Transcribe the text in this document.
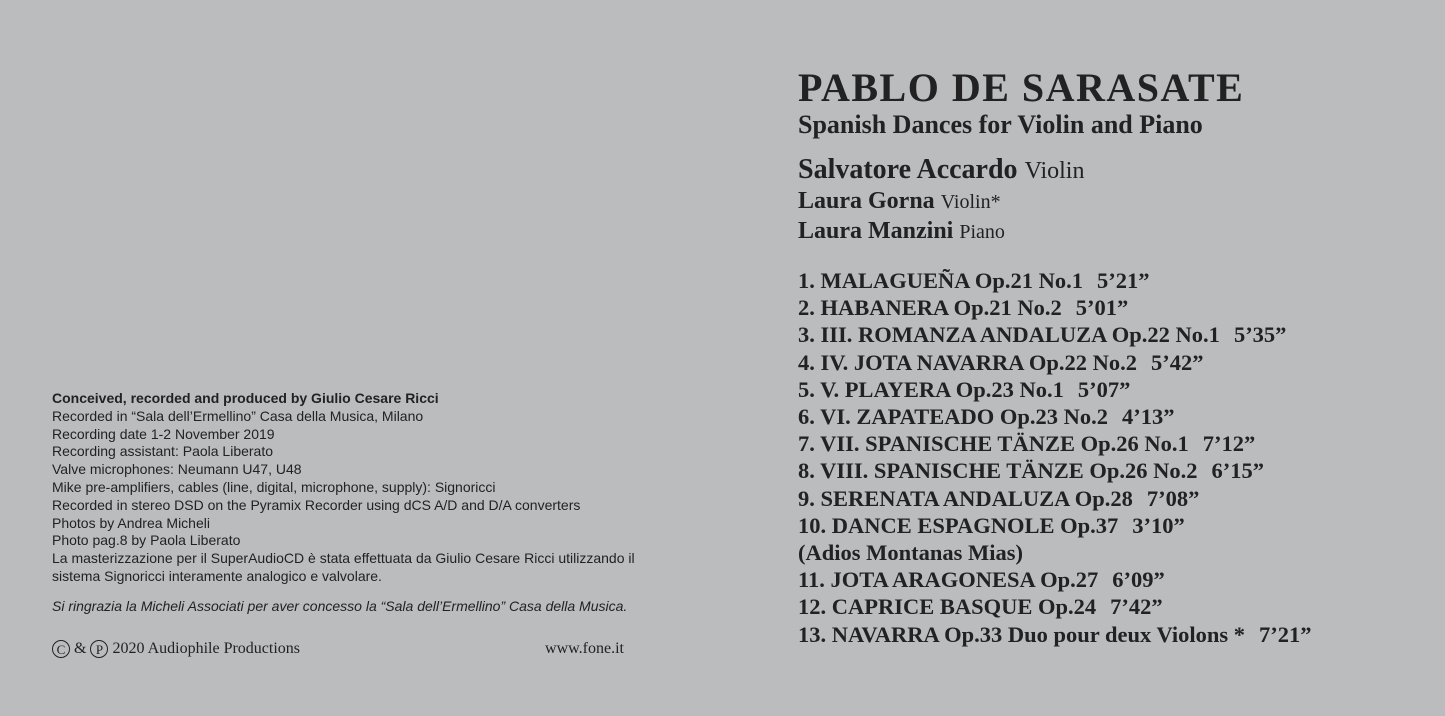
Conceived, recorded and produced by Giulio Cesare Ricci
Recorded in “Sala dell’Ermellino” Casa della Musica, Milano
Recording date 1-2 November 2019
Recording assistant: Paola Liberato
Valve microphones: Neumann U47, U48
Mike pre-amplifiers, cables (line, digital, microphone, supply): Signoricci
Recorded in stereo DSD on the Pyramix Recorder using dCS A/D and D/A converters
Photos by Andrea Micheli
Photo pag.8 by Paola Liberato
La masterizzazione per il SuperAudioCD è stata effettuata da Giulio Cesare Ricci utilizzando il sistema Signoricci interamente analogico e valvolare.
Si ringrazia la Micheli Associati per aver concesso la “Sala dell’Ermellino” Casa della Musica.
C & P 2020 Audiophile Productions	www.fone.it
PABLO DE SARASATE
Spanish Dances for Violin and Piano
Salvatore Accardo Violin
Laura Gorna Violin*
Laura Manzini Piano
1. MALAGUEÑA Op.21 No.1 5’21”
2. HABANERA Op.21 No.2 5’01”
3. III. ROMANZA ANDALUZA Op.22 No.1 5’35”
4. IV. JOTA NAVARRA Op.22 No.2 5’42”
5. V. PLAYERA Op.23 No.1 5’07”
6. VI. ZAPATEADO Op.23 No.2 4’13”
7. VII. SPANISCHE TÄNZE Op.26 No.1 7’12”
8. VIII. SPANISCHE TÄNZE Op.26 No.2 6’15”
9. SERENATA ANDALUZA Op.28 7’08”
10. DANCE ESPAGNOLE Op.37 3’10”
(Adios Montanas Mias)
11. JOTA ARAGONESA Op.27 6’09”
12. CAPRICE BASQUE Op.24 7’42”
13. NAVARRA Op.33 Duo pour deux Violons * 7’21”
